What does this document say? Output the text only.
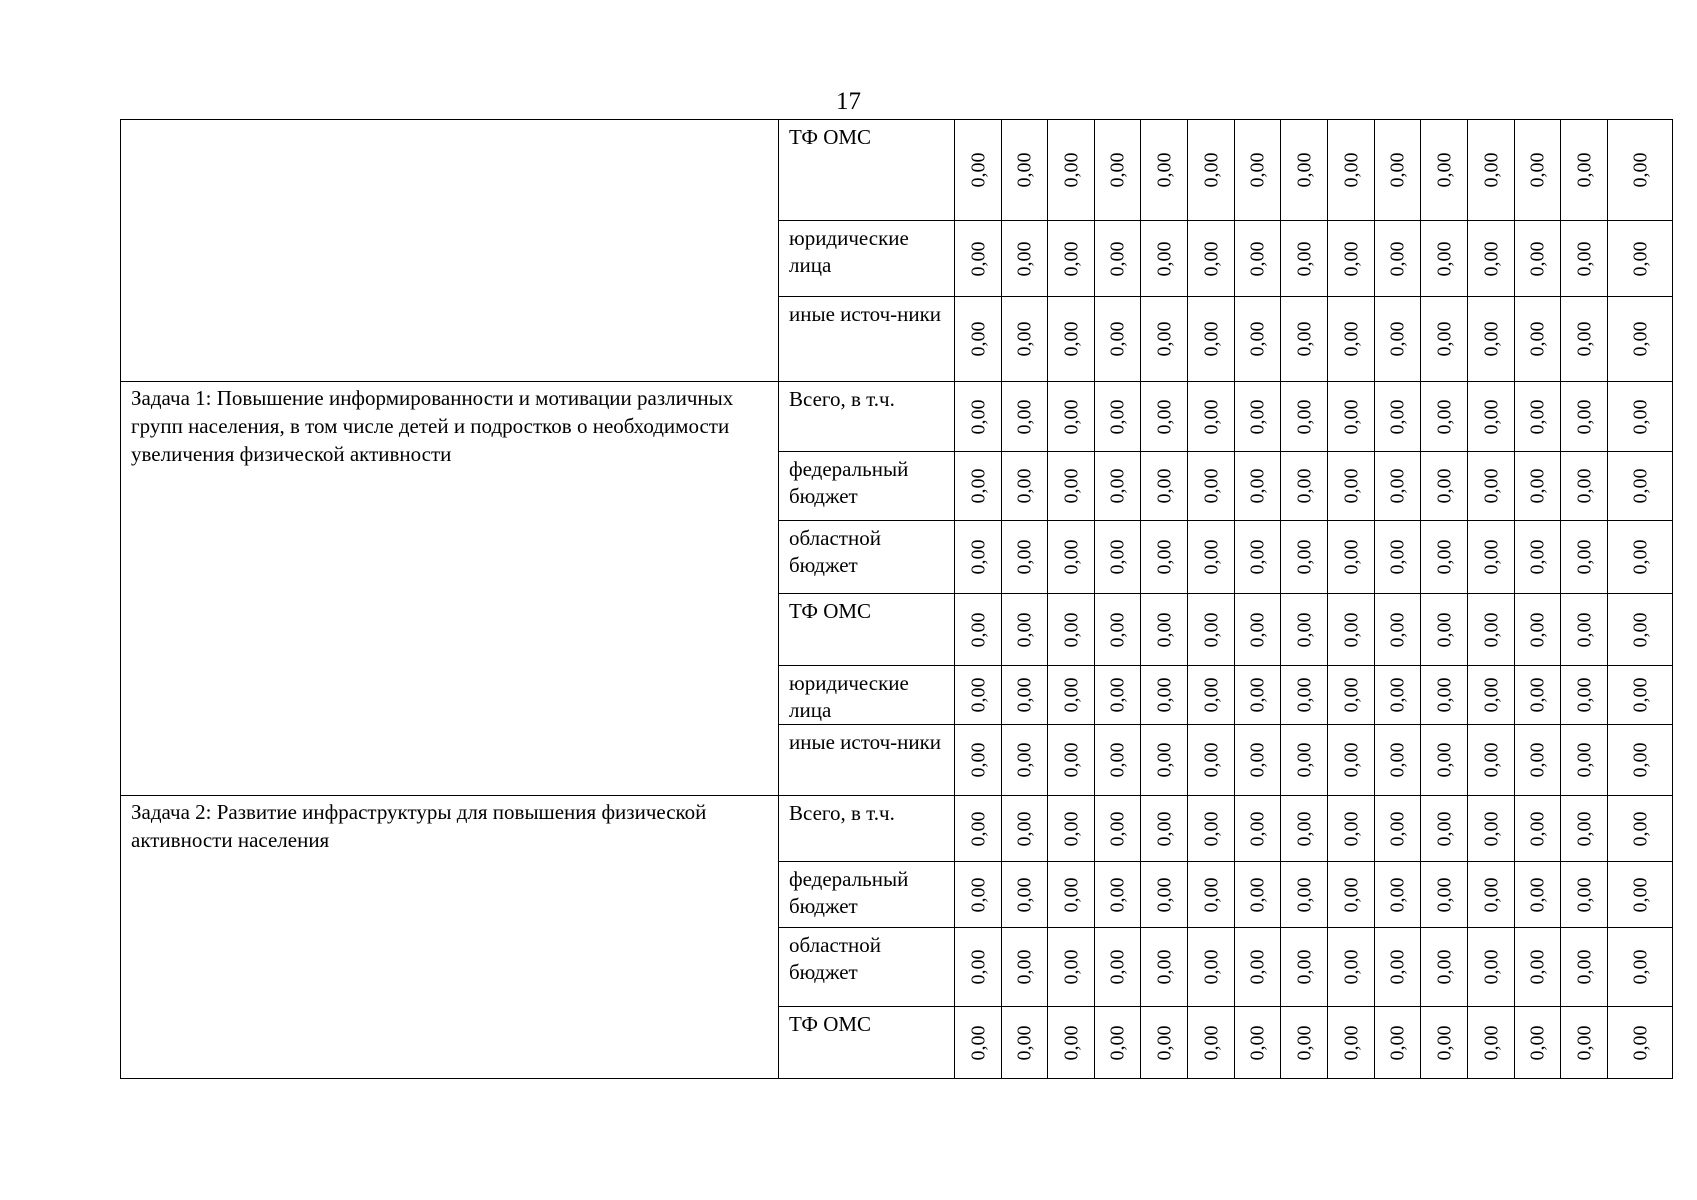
17
	ТФ ОМС	0,00	0,00	0,00	0,00	0,00	0,00	0,00	0,00	0,00	0,00	0,00	0,00	0,00	0,00	0,00

	юридические лица	0,00	0,00	0,00	0,00	0,00	0,00	0,00	0,00	0,00	0,00	0,00	0,00	0,00	0,00	0,00

	иные источ-ники	0,00	0,00	0,00	0,00	0,00	0,00	0,00	0,00	0,00	0,00	0,00	0,00	0,00	0,00	0,00

Задача 1: Повышение информированности и мотивации различных групп населения, в том числе детей и подростков о необходимости увеличения физической активности	Всего, в т.ч.	0,00	0,00	0,00	0,00	0,00	0,00	0,00	0,00	0,00	0,00	0,00	0,00	0,00	0,00	0,00

	федеральный бюджет	0,00	0,00	0,00	0,00	0,00	0,00	0,00	0,00	0,00	0,00	0,00	0,00	0,00	0,00	0,00

	областной бюджет	0,00	0,00	0,00	0,00	0,00	0,00	0,00	0,00	0,00	0,00	0,00	0,00	0,00	0,00	0,00

	ТФ ОМС	0,00	0,00	0,00	0,00	0,00	0,00	0,00	0,00	0,00	0,00	0,00	0,00	0,00	0,00	0,00

	юридические лица	0,00	0,00	0,00	0,00	0,00	0,00	0,00	0,00	0,00	0,00	0,00	0,00	0,00	0,00	0,00

	иные источ-ники	0,00	0,00	0,00	0,00	0,00	0,00	0,00	0,00	0,00	0,00	0,00	0,00	0,00	0,00	0,00

Задача 2: Развитие инфраструктуры для повышения физической активности населения	Всего, в т.ч.	0,00	0,00	0,00	0,00	0,00	0,00	0,00	0,00	0,00	0,00	0,00	0,00	0,00	0,00	0,00

	федеральный бюджет	0,00	0,00	0,00	0,00	0,00	0,00	0,00	0,00	0,00	0,00	0,00	0,00	0,00	0,00	0,00

	областной бюджет	0,00	0,00	0,00	0,00	0,00	0,00	0,00	0,00	0,00	0,00	0,00	0,00	0,00	0,00	0,00

	ТФ ОМС	0,00	0,00	0,00	0,00	0,00	0,00	0,00	0,00	0,00	0,00	0,00	0,00	0,00	0,00	0,00
